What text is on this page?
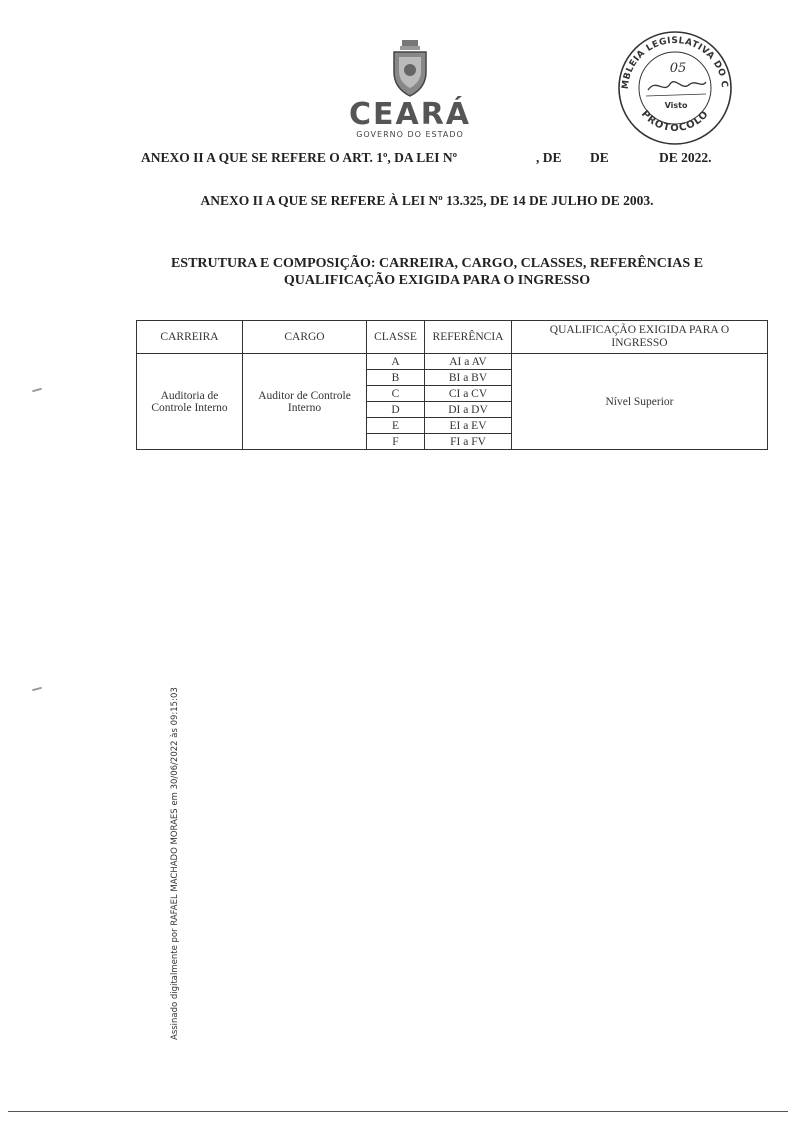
CEARÁ
GOVERNO DO ESTADO
MBLEIA LEGISLATIVA DO C
PROTOCOLO
05
Visto
ANEXO II A QUE SE REFERE O ART. 1º, DA LEI Nº	, DE DE	DE 2022.
ANEXO II A QUE SE REFERE À LEI Nº 13.325, DE 14 DE JULHO DE 2003.
ESTRUTURA E COMPOSIÇÃO: CARREIRA, CARGO, CLASSES, REFERÊNCIAS E
QUALIFICAÇÃO EXIGIDA PARA O INGRESSO
CARREIRA	CARGO	CLASSE	REFERÊNCIA	QUALIFICAÇÃO EXIGIDA PARA O
INGRESSO
Auditoria de
Controle Interno	Auditor de Controle
Interno	A	AI a AV	Nível Superior
		B	BI a BV	
		C	CI a CV	
		D	DI a DV	
		E	EI a EV	
		F	FI a FV	
Assinado digitalmente por RAFAEL MACHADO MORAES em 30/06/2022 às 09:15:03
